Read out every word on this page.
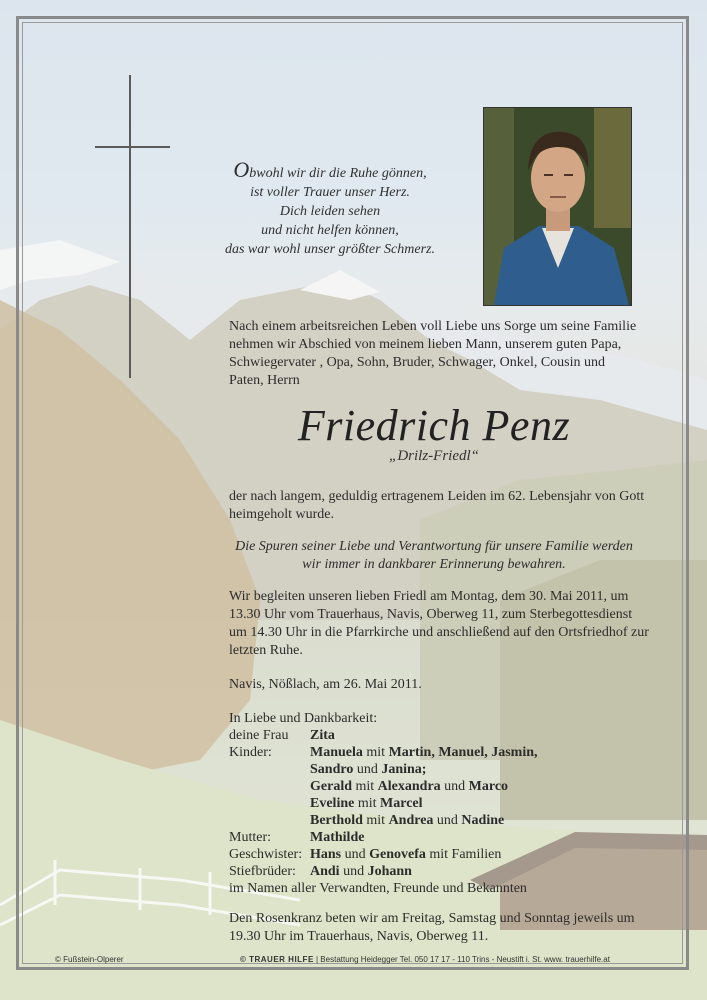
Obwohl wir dir die Ruhe gönnen,
ist voller Trauer unser Herz.
Dich leiden sehen
und nicht helfen können,
das war wohl unser größter Schmerz.
Nach einem arbeitsreichen Leben voll Liebe uns Sorge um seine Familie nehmen wir Abschied von meinem lieben Mann, unserem guten Papa, Schwiegervater , Opa, Sohn, Bruder, Schwager, Onkel, Cousin und Paten, Herrn
Friedrich Penz
„Drilz-Friedl“
der nach langem, geduldig ertragenem Leiden im 62. Lebensjahr von Gott heimgeholt wurde.
Die Spuren seiner Liebe und Verantwortung für unsere Familie werden wir immer in dankbarer Erinnerung bewahren.
Wir begleiten unseren lieben Friedl am Montag, dem 30. Mai 2011, um 13.30 Uhr vom Trauerhaus, Navis, Oberweg 11, zum Sterbegottesdienst um 14.30 Uhr in die Pfarrkirche und anschließend auf den Ortsfriedhof zur letzten Ruhe.
Navis, Nößlach, am 26. Mai 2011.
In Liebe und Dankbarkeit:
deine Frau	Zita
Kinder:	Manuela mit Martin, Manuel, Jasmin,
Sandro und Janina;
Gerald mit Alexandra und Marco
Eveline mit Marcel
Berthold mit Andrea und Nadine
Mutter:	Mathilde
Geschwister: Hans und Genovefa mit Familien
Stiefbrüder:	Andi und Johann
im Namen aller Verwandten, Freunde und Bekannten
Den Rosenkranz beten wir am Freitag, Samstag und Sonntag jeweils um 19.30 Uhr im Trauerhaus, Navis, Oberweg 11.
© Fußstein-Olperer	© TRAUER HILFE | Bestattung Heidegger Tel. 050 17 17 - 110 Trins - Neustift i. St. www. trauerhilfe.at
